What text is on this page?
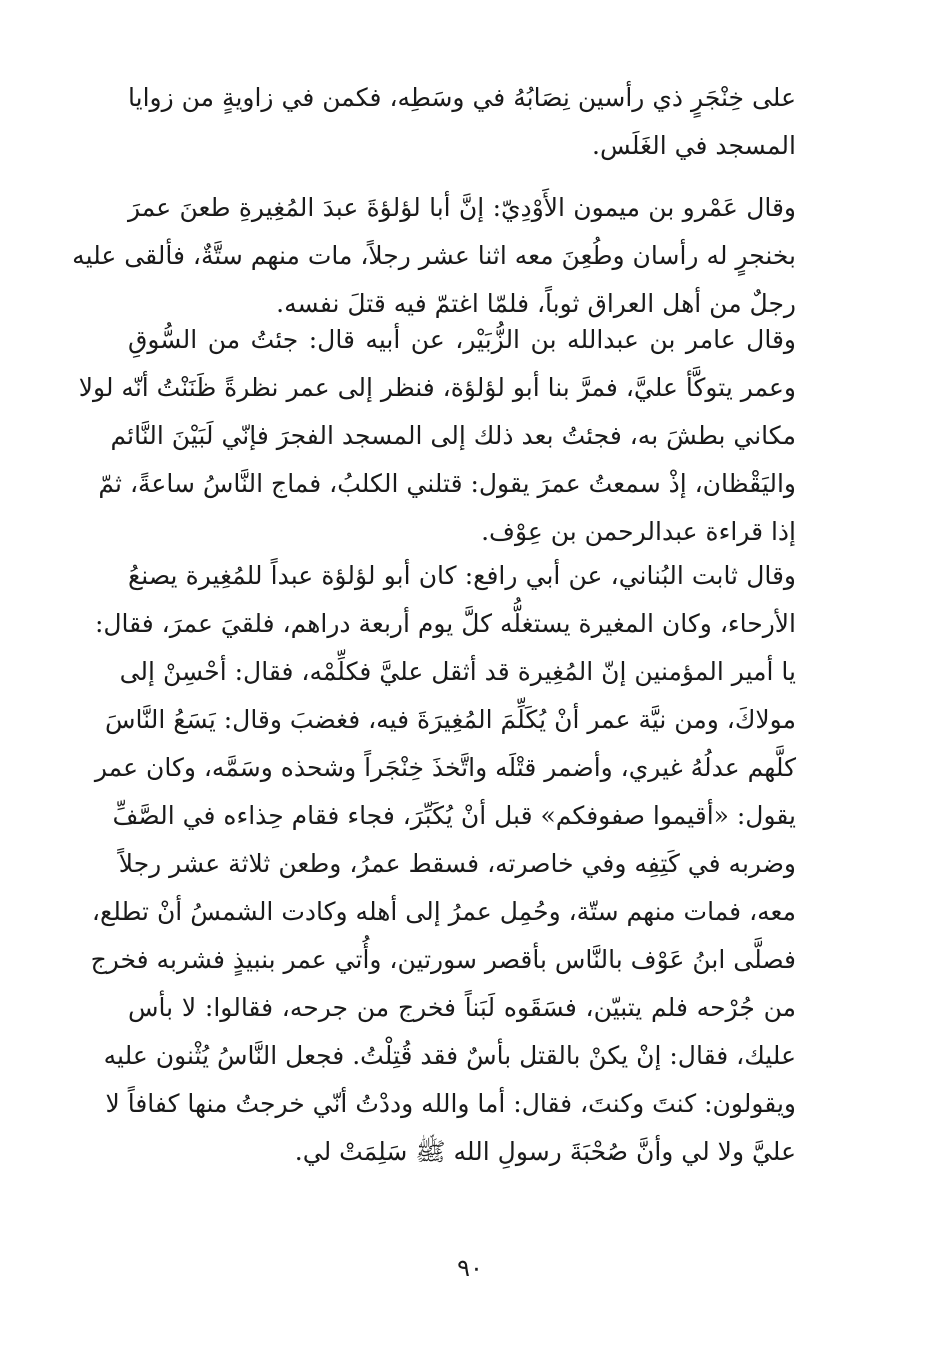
على خِنْجَرٍ ذي رأسين نِصَابُهُ في وسَطِه، فكمن في زاويةٍ من زوايا
المسجد في الغَلَس.
وقال عَمْرو بن ميمون الأَوْدِيّ: إنَّ أبا لؤلؤةَ عبدَ المُغِيرةِ طعنَ عمرَ
بخنجرٍ له رأسان وطُعِنَ معه اثنا عشر رجلاً، مات منهم ستَّةٌ، فألقى عليه
رجلٌ من أهل العراق ثوباً، فلمّا اغتمّ فيه قتلَ نفسه.
وقال عامر بن عبدالله بن الزُّبَيْر، عن أبيه قال: جئتُ من السُّوقِ
وعمر يتوكَّأ عليَّ، فمرَّ بنا أبو لؤلؤة، فنظر إلى عمر نظرةً ظَنَنْتُ أنّه لولا
مكاني بطشَ به، فجئتُ بعد ذلك إلى المسجد الفجرَ فإنّي لَبَيْنَ النَّائم
واليَقْظان، إذْ سمعتُ عمرَ يقول: قتلني الكلبُ، فماج النَّاسُ ساعةً، ثمّ
إذا قراءة عبدالرحمن بن عِوْف.
وقال ثابت البُناني، عن أبي رافع: كان أبو لؤلؤة عبداً للمُغِيرة يصنعُ
الأرحاء، وكان المغيرة يستغلُّه كلَّ يوم أربعة دراهم، فلقيَ عمرَ، فقال:
يا أمير المؤمنين إنّ المُغِيرة قد أثقل عليَّ فكلِّمْه، فقال: أحْسِنْ إلى
مولاكَ، ومن نيَّة عمر أنْ يُكَلِّمَ المُغِيرَةَ فيه، فغضبَ وقال: يَسَعُ النَّاسَ
كلَّهم عدلُهُ غيري، وأضمر قتْلَه واتَّخذَ خِنْجَراً وشحذه وسَمَّه، وكان عمر
يقول: «أقيموا صفوفكم» قبل أنْ يُكَبِّرَ، فجاء فقام حِذاءه في الصَّفِّ
وضربه في كَتِفِه وفي خاصرته، فسقط عمرُ، وطعن ثلاثة عشر رجلاً
معه، فمات منهم ستّة، وحُمِل عمرُ إلى أهله وكادت الشمسُ أنْ تطلع،
فصلَّى ابنُ عَوْف بالنَّاس بأقصر سورتين، وأُتي عمر بنبيذٍ فشربه فخرج
من جُرْحه فلم يتبيّن، فسَقَوه لَبَناً فخرج من جرحه، فقالوا: لا بأس
عليك، فقال: إنْ يكنْ بالقتل بأسٌ فقد قُتِلْتُ. فجعل النَّاسُ يُثْنون عليه
ويقولون: كنتَ وكنتَ، فقال: أما والله وددْتُ أنّي خرجتُ منها كفافاً لا
عليَّ ولا لي وأنَّ صُحْبَةَ رسولِ الله ﷺ سَلِمَتْ لي.
٩٠
